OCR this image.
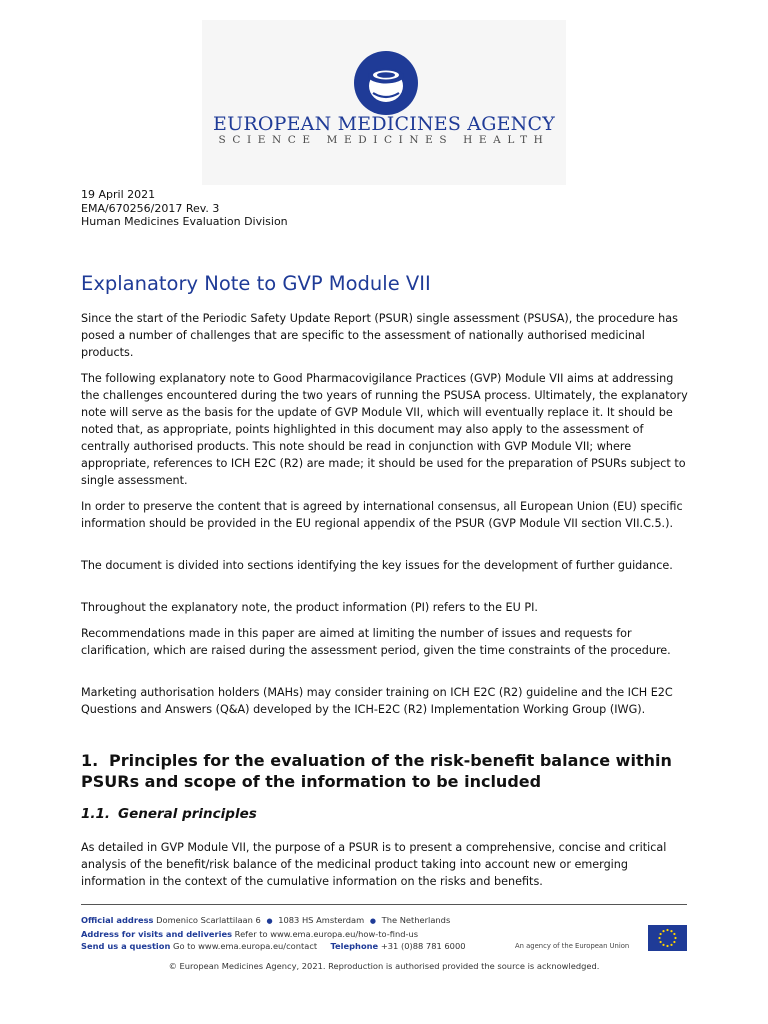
EUROPEAN MEDICINES AGENCY
SCIENCE MEDICINES HEALTH
19 April 2021
EMA/670256/2017 Rev. 3
Human Medicines Evaluation Division
Explanatory Note to GVP Module VII

Since the start of the Periodic Safety Update Report (PSUR) single assessment (PSUSA), the procedure has posed a number of challenges that are specific to the assessment of nationally authorised medicinal products.

The following explanatory note to Good Pharmacovigilance Practices (GVP) Module VII aims at addressing the challenges encountered during the two years of running the PSUSA process. Ultimately, the explanatory note will serve as the basis for the update of GVP Module VII, which will eventually replace it. It should be noted that, as appropriate, points highlighted in this document may also apply to the assessment of centrally authorised products. This note should be read in conjunction with GVP Module VII; where appropriate, references to ICH E2C (R2) are made; it should be used for the preparation of PSURs subject to single assessment.

In order to preserve the content that is agreed by international consensus, all European Union (EU) specific information should be provided in the EU regional appendix of the PSUR (GVP Module VII section VII.C.5.).

The document is divided into sections identifying the key issues for the development of further guidance.

Throughout the explanatory note, the product information (PI) refers to the EU PI.

Recommendations made in this paper are aimed at limiting the number of issues and requests for clarification, which are raised during the assessment period, given the time constraints of the procedure.

Marketing authorisation holders (MAHs) may consider training on ICH E2C (R2) guideline and the ICH E2C Questions and Answers (Q&A) developed by the ICH-E2C (R2) Implementation Working Group (IWG).

1. Principles for the evaluation of the risk-benefit balance within PSURs and scope of the information to be included
1.1. General principles

As detailed in GVP Module VII, the purpose of a PSUR is to present a comprehensive, concise and critical analysis of the benefit/risk balance of the medicinal product taking into account new or emerging information in the context of the cumulative information on the risks and benefits.

Official address Domenico Scarlattilaan 6 ● 1083 HS Amsterdam ● The Netherlands
Address for visits and deliveries Refer to www.ema.europa.eu/how-to-find-us
Send us a question Go to www.ema.europa.eu/contact Telephone +31 (0)88 781 6000	An agency of the European Union
© European Medicines Agency, 2021. Reproduction is authorised provided the source is acknowledged.
